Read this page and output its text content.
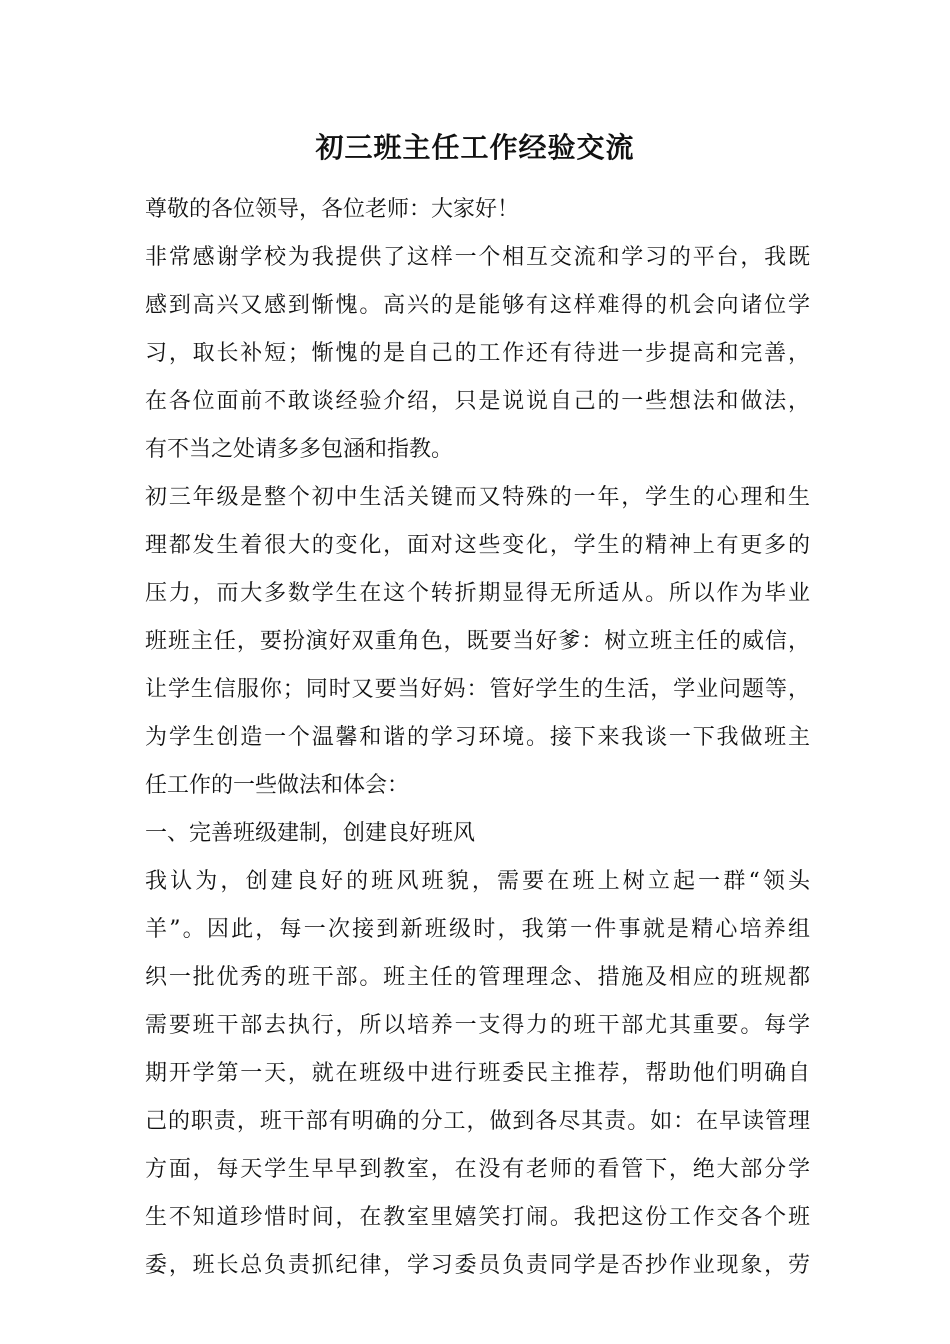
初三班主任工作经验交流
尊敬的各位领导，各位老师：大家好！
非常感谢学校为我提供了这样一个相互交流和学习的平台，我既
感到高兴又感到惭愧。高兴的是能够有这样难得的机会向诸位学
习，取长补短；惭愧的是自己的工作还有待进一步提高和完善，
在各位面前不敢谈经验介绍，只是说说自己的一些想法和做法，
有不当之处请多多包涵和指教。
初三年级是整个初中生活关键而又特殊的一年，学生的心理和生
理都发生着很大的变化，面对这些变化，学生的精神上有更多的
压力，而大多数学生在这个转折期显得无所适从。所以作为毕业
班班主任，要扮演好双重角色，既要当好爹：树立班主任的威信，
让学生信服你；同时又要当好妈：管好学生的生活，学业问题等，
为学生创造一个温馨和谐的学习环境。接下来我谈一下我做班主
任工作的一些做法和体会：
一、完善班级建制，创建良好班风
我认为，创建良好的班风班貌，需要在班上树立起一群“领头
羊”。因此，每一次接到新班级时，我第一件事就是精心培养组
织一批优秀的班干部。班主任的管理理念、措施及相应的班规都
需要班干部去执行，所以培养一支得力的班干部尤其重要。每学
期开学第一天，就在班级中进行班委民主推荐，帮助他们明确自
己的职责，班干部有明确的分工，做到各尽其责。如：在早读管理
方面，每天学生早早到教室，在没有老师的看管下，绝大部分学
生不知道珍惜时间，在教室里嬉笑打闹。我把这份工作交各个班
委，班长总负责抓纪律，学习委员负责同学是否抄作业现象，劳
